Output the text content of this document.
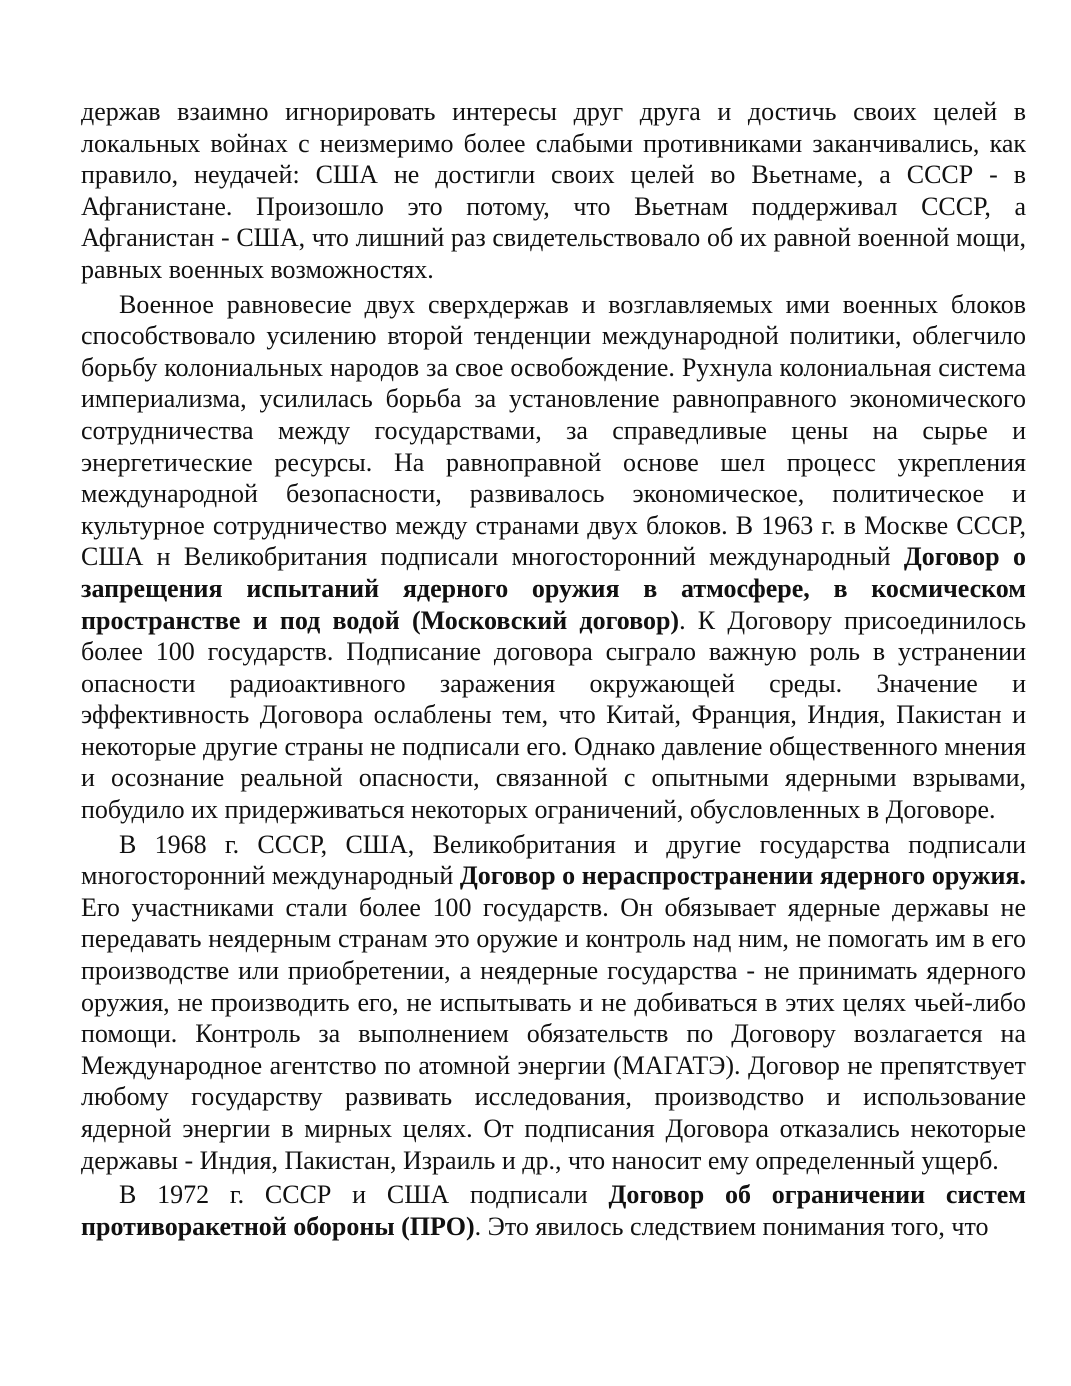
держав взаимно игнорировать интересы друг друга и достичь своих целей в локальных войнах с неизмеримо более слабыми противниками заканчивались, как правило, неудачей: США не достигли своих целей во Вьетнаме, а СССР - в Афганистане. Произошло это потому, что Вьетнам поддерживал СССР, а Афганистан - США, что лишний раз свидетельствовало об их равной военной мощи, равных военных возможностях.

Военное равновесие двух сверхдержав и возглавляемых ими военных блоков способствовало усилению второй тенденции международной политики, облегчило борьбу колониальных народов за свое освобождение. Рухнула колониальная система империализма, усилилась борьба за установление равноправного экономического сотрудничества между государствами, за справедливые цены на сырье и энергетические ресурсы. На равноправной основе шел процесс укрепления международной безопасности, развивалось экономическое, политическое и культурное сотрудничество между странами двух блоков. В 1963 г. в Москве СССР, США н Великобритания подписали многосторонний международный Договор о запрещения испытаний ядерного оружия в атмосфере, в космическом пространстве и под водой (Московский договор). К Договору присоединилось более 100 государств. Подписание договора сыграло важную роль в устранении опасности радиоактивного заражения окружающей среды. Значение и эффективность Договора ослаблены тем, что Китай, Франция, Индия, Пакистан и некоторые другие страны не подписали его. Однако давление общественного мнения и осознание реальной опасности, связанной с опытными ядерными взрывами, побудило их придерживаться некоторых ограничений, обусловленных в Договоре.

В 1968 г. СССР, США, Великобритания и другие государства подписали многосторонний международный Договор о нераспространении ядерного оружия. Его участниками стали более 100 государств. Он обязывает ядерные державы не передавать неядерным странам это оружие и контроль над ним, не помогать им в его производстве или приобретении, а неядерные государства - не принимать ядерного оружия, не производить его, не испытывать и не добиваться в этих целях чьей-либо помощи. Контроль за выполнением обязательств по Договору возлагается на Международное агентство по атомной энергии (МАГАТЭ). Договор не препятствует любому государству развивать исследования, производство и использование ядерной энергии в мирных целях. От подписания Договора отказались некоторые державы - Индия, Пакистан, Израиль и др., что наносит ему определенный ущерб.

В 1972 г. СССР и США подписали Договор об ограничении систем противоракетной обороны (ПРО). Это явилось следствием понимания того, что
